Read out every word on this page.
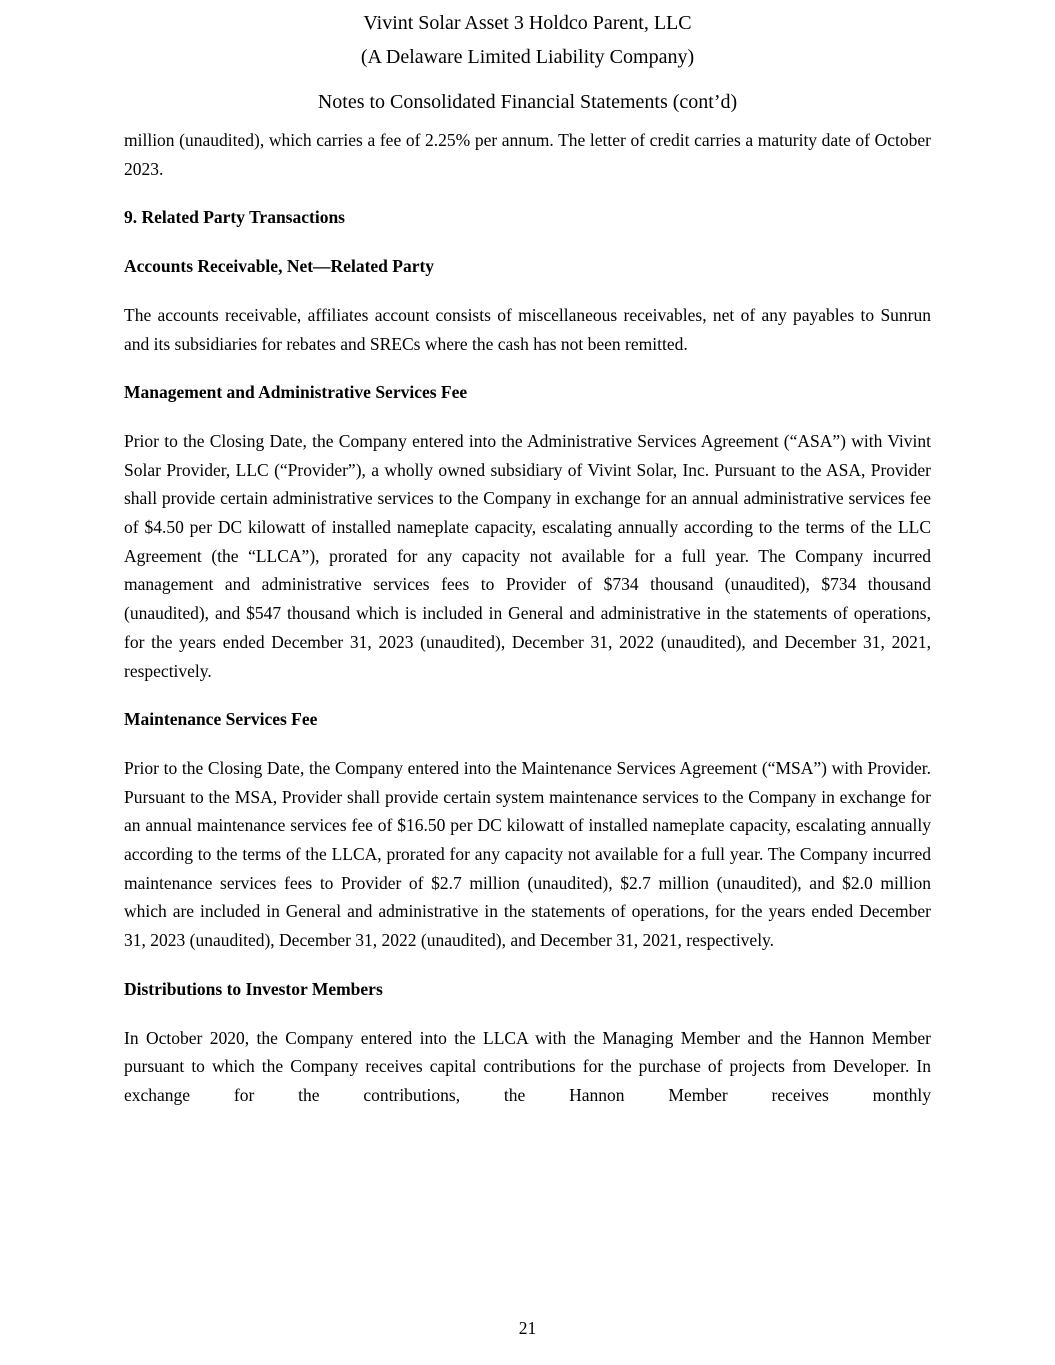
Vivint Solar Asset 3 Holdco Parent, LLC
(A Delaware Limited Liability Company)
Notes to Consolidated Financial Statements (cont’d)

million (unaudited), which carries a fee of 2.25% per annum. The letter of credit carries a maturity date of October 2023.

9. Related Party Transactions
Accounts Receivable, Net—Related Party

The accounts receivable, affiliates account consists of miscellaneous receivables, net of any payables to Sunrun and its subsidiaries for rebates and SRECs where the cash has not been remitted.

Management and Administrative Services Fee

Prior to the Closing Date, the Company entered into the Administrative Services Agreement (“ASA”) with Vivint Solar Provider, LLC (“Provider”), a wholly owned subsidiary of Vivint Solar, Inc. Pursuant to the ASA, Provider shall provide certain administrative services to the Company in exchange for an annual administrative services fee of $4.50 per DC kilowatt of installed nameplate capacity, escalating annually according to the terms of the LLC Agreement (the “LLCA”), prorated for any capacity not available for a full year. The Company incurred management and administrative services fees to Provider of $734 thousand (unaudited), $734 thousand (unaudited), and $547 thousand which is included in General and administrative in the statements of operations, for the years ended December 31, 2023 (unaudited), December 31, 2022 (unaudited), and December 31, 2021, respectively.

Maintenance Services Fee

Prior to the Closing Date, the Company entered into the Maintenance Services Agreement (“MSA”) with Provider. Pursuant to the MSA, Provider shall provide certain system maintenance services to the Company in exchange for an annual maintenance services fee of $16.50 per DC kilowatt of installed nameplate capacity, escalating annually according to the terms of the LLCA, prorated for any capacity not available for a full year. The Company incurred maintenance services fees to Provider of $2.7 million (unaudited), $2.7 million (unaudited), and $2.0 million which are included in General and administrative in the statements of operations, for the years ended December 31, 2023 (unaudited), December 31, 2022 (unaudited), and December 31, 2021, respectively.

Distributions to Investor Members

In October 2020, the Company entered into the LLCA with the Managing Member and the Hannon Member pursuant to which the Company receives capital contributions for the purchase of projects from Developer. In exchange for the contributions, the Hannon Member receives monthly

21
